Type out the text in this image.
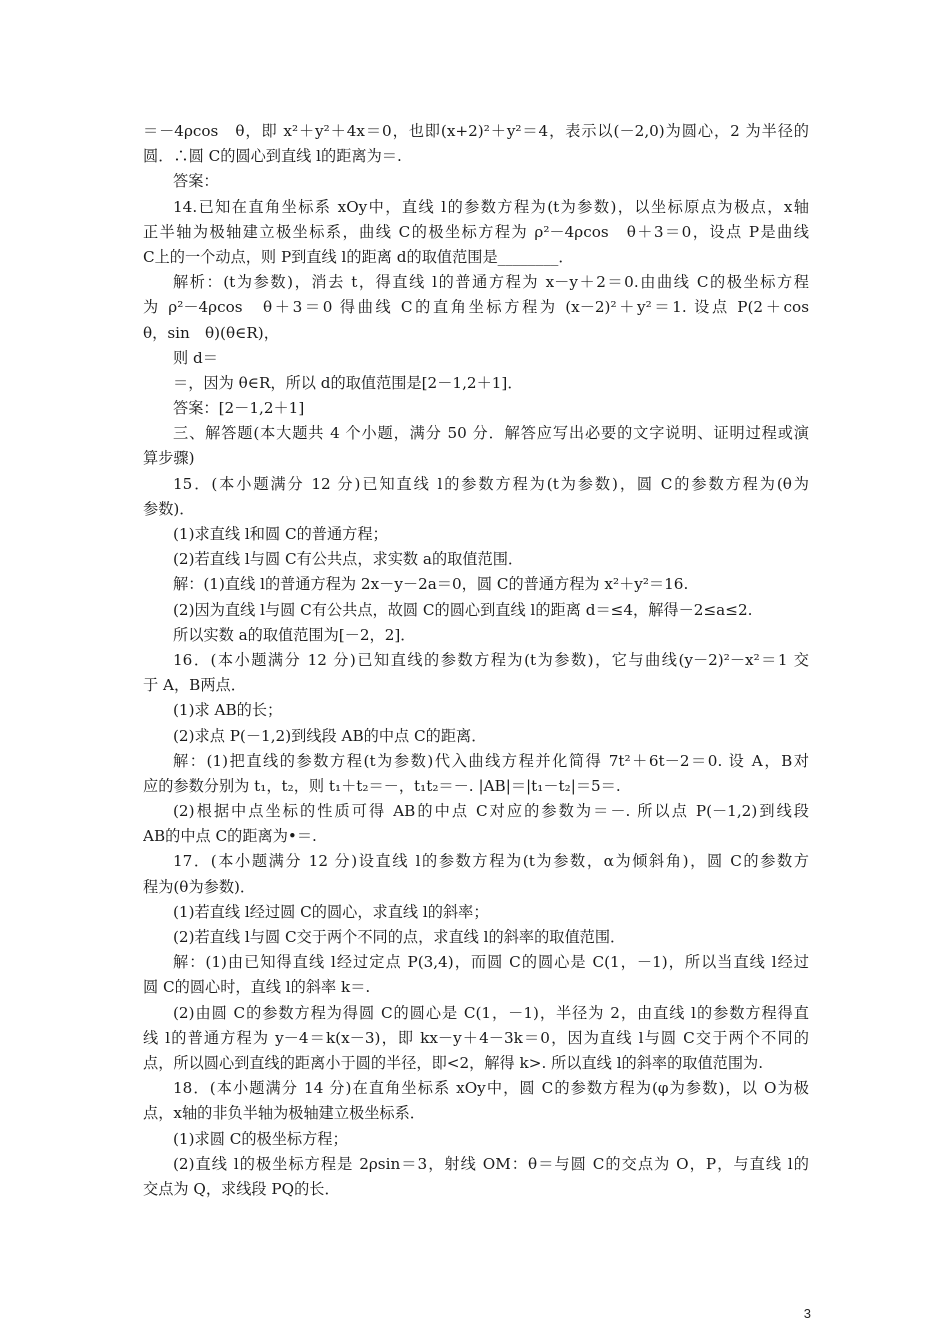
＝－4ρcos　θ，即 x²＋y²＋4x＝0，也即(x+2)²＋y²＝4，表示以(－2,0)为圆心，2 为半径的
圆．∴圆 C的圆心到直线 l的距离为＝.
答案：
14.已知在直角坐标系 xOy中，直线 l的参数方程为(t为参数)，以坐标原点为极点，x轴
正半轴为极轴建立极坐标系，曲线 C的极坐标方程为 ρ²－4ρcos　θ＋3＝0，设点 P是曲线
C上的一个动点，则 P到直线 l的距离 d的取值范围是________．
解析：(t为参数)，消去 t，得直线 l的普通方程为 x－y＋2＝0.由曲线 C的极坐标方程
为 ρ²－4ρcos　θ＋3＝0 得曲线 C的直角坐标方程为 (x－2)²＋y²＝1. 设点 P(2＋cos
θ，sin　θ)(θ∈R)，
则 d＝
＝，因为 θ∈R，所以 d的取值范围是[2－1,2＋1]．
答案：[2－1,2＋1]
三、解答题(本大题共 4 个小题，满分 50 分．解答应写出必要的文字说明、证明过程或演
算步骤)
15．(本小题满分 12 分)已知直线 l的参数方程为(t为参数)，圆 C的参数方程为(θ为
参数)．
(1)求直线 l和圆 C的普通方程；
(2)若直线 l与圆 C有公共点，求实数 a的取值范围．
解：(1)直线 l的普通方程为 2x－y－2a＝0，圆 C的普通方程为 x²＋y²＝16.
(2)因为直线 l与圆 C有公共点，故圆 C的圆心到直线 l的距离 d＝≤4，解得－2≤a≤2.
所以实数 a的取值范围为[－2，2]．
16．(本小题满分 12 分)已知直线的参数方程为(t为参数)，它与曲线(y－2)²－x²＝1 交
于 A，B两点．
(1)求 AB的长；
(2)求点 P(－1,2)到线段 AB的中点 C的距离．
解：(1)把直线的参数方程(t为参数)代入曲线方程并化简得 7t²＋6t－2＝0. 设 A，B对
应的参数分别为 t₁，t₂，则 t₁＋t₂＝－，t₁t₂＝－. |AB|＝|t₁－t₂|＝5＝.
(2)根据中点坐标的性质可得 AB的中点 C对应的参数为＝－. 所以点 P(－1,2)到线段
AB的中点 C的距离为•＝.
17．(本小题满分 12 分)设直线 l的参数方程为(t为参数，α为倾斜角)，圆 C的参数方
程为(θ为参数)．
(1)若直线 l经过圆 C的圆心，求直线 l的斜率；
(2)若直线 l与圆 C交于两个不同的点，求直线 l的斜率的取值范围．
解：(1)由已知得直线 l经过定点 P(3,4)，而圆 C的圆心是 C(1，－1)，所以当直线 l经过
圆 C的圆心时，直线 l的斜率 k＝.
(2)由圆 C的参数方程为得圆 C的圆心是 C(1，－1)，半径为 2，由直线 l的参数方程得直
线 l的普通方程为 y－4＝k(x－3)，即 kx－y＋4－3k＝0，因为直线 l与圆 C交于两个不同的
点，所以圆心到直线的距离小于圆的半径，即<2，解得 k>. 所以直线 l的斜率的取值范围为.
18．(本小题满分 14 分)在直角坐标系 xOy中，圆 C的参数方程为(φ为参数)，以 O为极
点，x轴的非负半轴为极轴建立极坐标系．
(1)求圆 C的极坐标方程；
(2)直线 l的极坐标方程是 2ρsin＝3，射线 OM：θ＝与圆 C的交点为 O，P，与直线 l的
交点为 Q，求线段 PQ的长．
3
